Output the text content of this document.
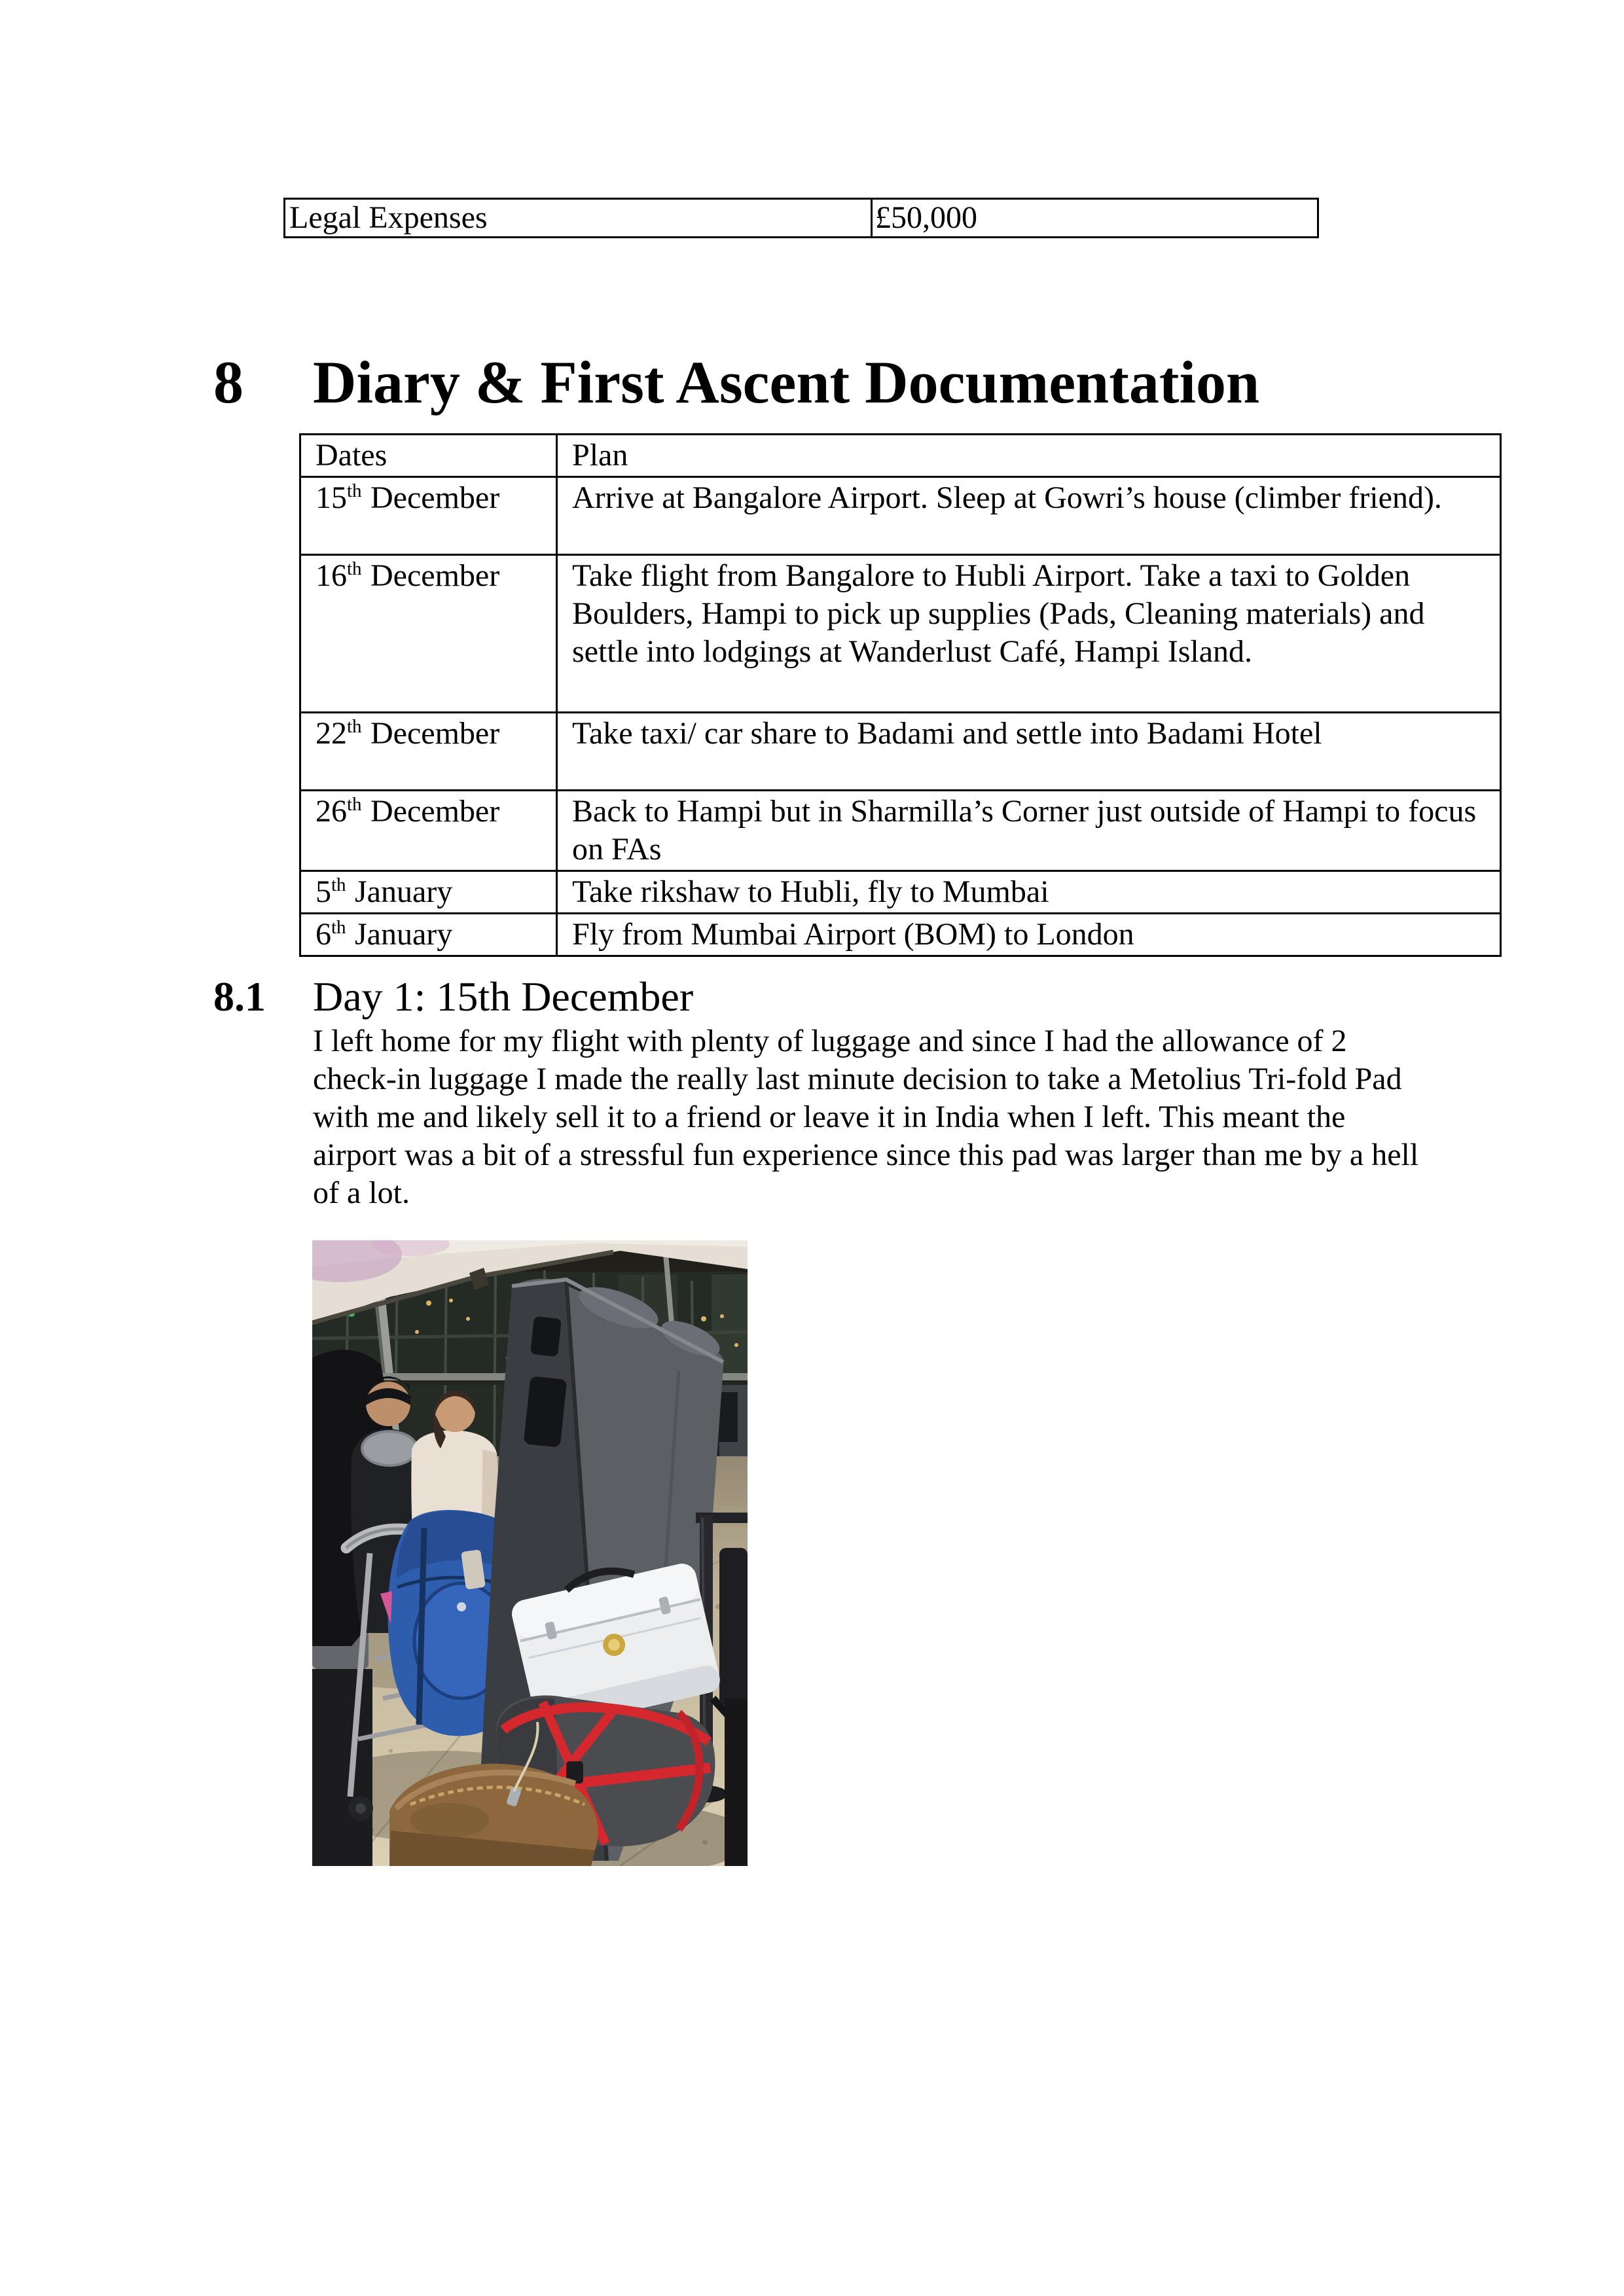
Legal Expenses	£50,000
8 Diary & First Ascent Documentation
Dates	Plan
15th December	Arrive at Bangalore Airport. Sleep at Gowri’s house (climber friend).
16th December	Take flight from Bangalore to Hubli Airport. Take a taxi to Golden Boulders, Hampi to pick up supplies (Pads, Cleaning materials) and settle into lodgings at Wanderlust Café, Hampi Island.
22th December	Take taxi/ car share to Badami and settle into Badami Hotel
26th December	Back to Hampi but in Sharmilla’s Corner just outside of Hampi to focus on FAs
5th January	Take rikshaw to Hubli, fly to Mumbai
6th January	Fly from Mumbai Airport (BOM) to London
8.1 Day 1: 15th December
I left home for my flight with plenty of luggage and since I had the allowance of 2 check-in luggage I made the really last minute decision to take a Metolius Tri-fold Pad with me and likely sell it to a friend or leave it in India when I left. This meant the airport was a bit of a stressful fun experience since this pad was larger than me by a hell of a lot.
